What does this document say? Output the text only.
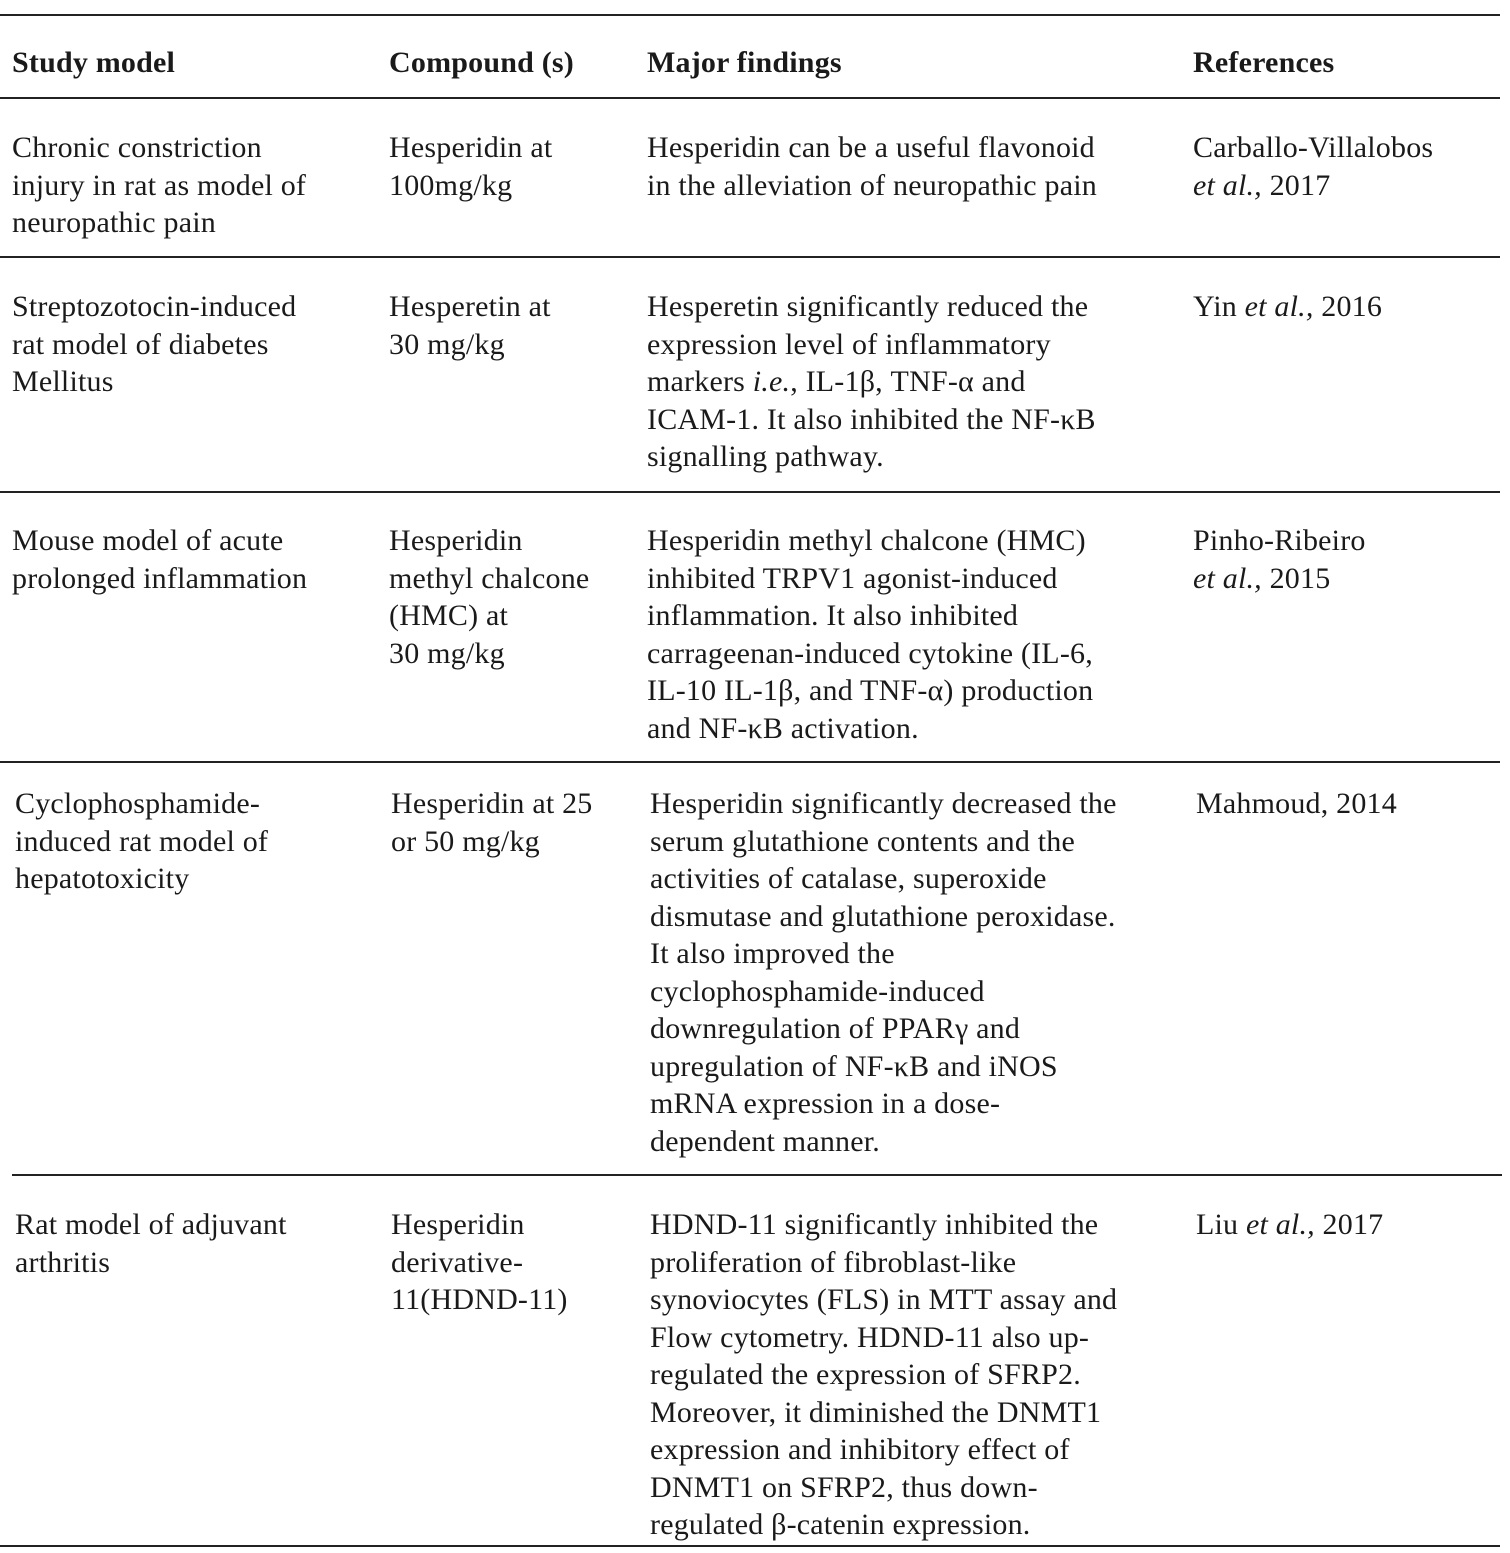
Study model	Compound (s) Major findings	References
Chronic constriction
injury in rat as model of
neuropathic pain
Hesperidin at
100mg/kg
Hesperidin can be a useful flavonoid
in the alleviation of neuropathic pain
Carballo-Villalobos
et al., 2017
Streptozotocin-induced
rat model of diabetes
Mellitus
Hesperetin at
30 mg/kg
Hesperetin significantly reduced the
expression level of inflammatory
markers i.e., IL-1β, TNF-α and
ICAM-1. It also inhibited the NF-κB
signalling pathway.
Yin et al., 2016
Mouse model of acute
prolonged inflammation
Hesperidin
methyl chalcone
(HMC) at
30 mg/kg
Hesperidin methyl chalcone (HMC)
inhibited TRPV1 agonist-induced
inflammation. It also inhibited
carrageenan-induced cytokine (IL-6,
IL-10 IL-1β, and TNF-α) production
and NF-κB activation.
Pinho-Ribeiro
et al., 2015
Cyclophosphamide-
induced rat model of
hepatotoxicity
Hesperidin at 25
or 50 mg/kg
Hesperidin significantly decreased the
serum glutathione contents and the
activities of catalase, superoxide
dismutase and glutathione peroxidase.
It also improved the
cyclophosphamide-induced
downregulation of PPARγ and
upregulation of NF-κB and iNOS
mRNA expression in a dose-
dependent manner.
Mahmoud, 2014
Rat model of adjuvant
arthritis
Hesperidin
derivative-
11(HDND-11)
HDND-11 significantly inhibited the
proliferation of fibroblast-like
synoviocytes (FLS) in MTT assay and
Flow cytometry. HDND-11 also up-
regulated the expression of SFRP2.
Moreover, it diminished the DNMT1
expression and inhibitory effect of
DNMT1 on SFRP2, thus down-
regulated β-catenin expression.
Liu et al., 2017
